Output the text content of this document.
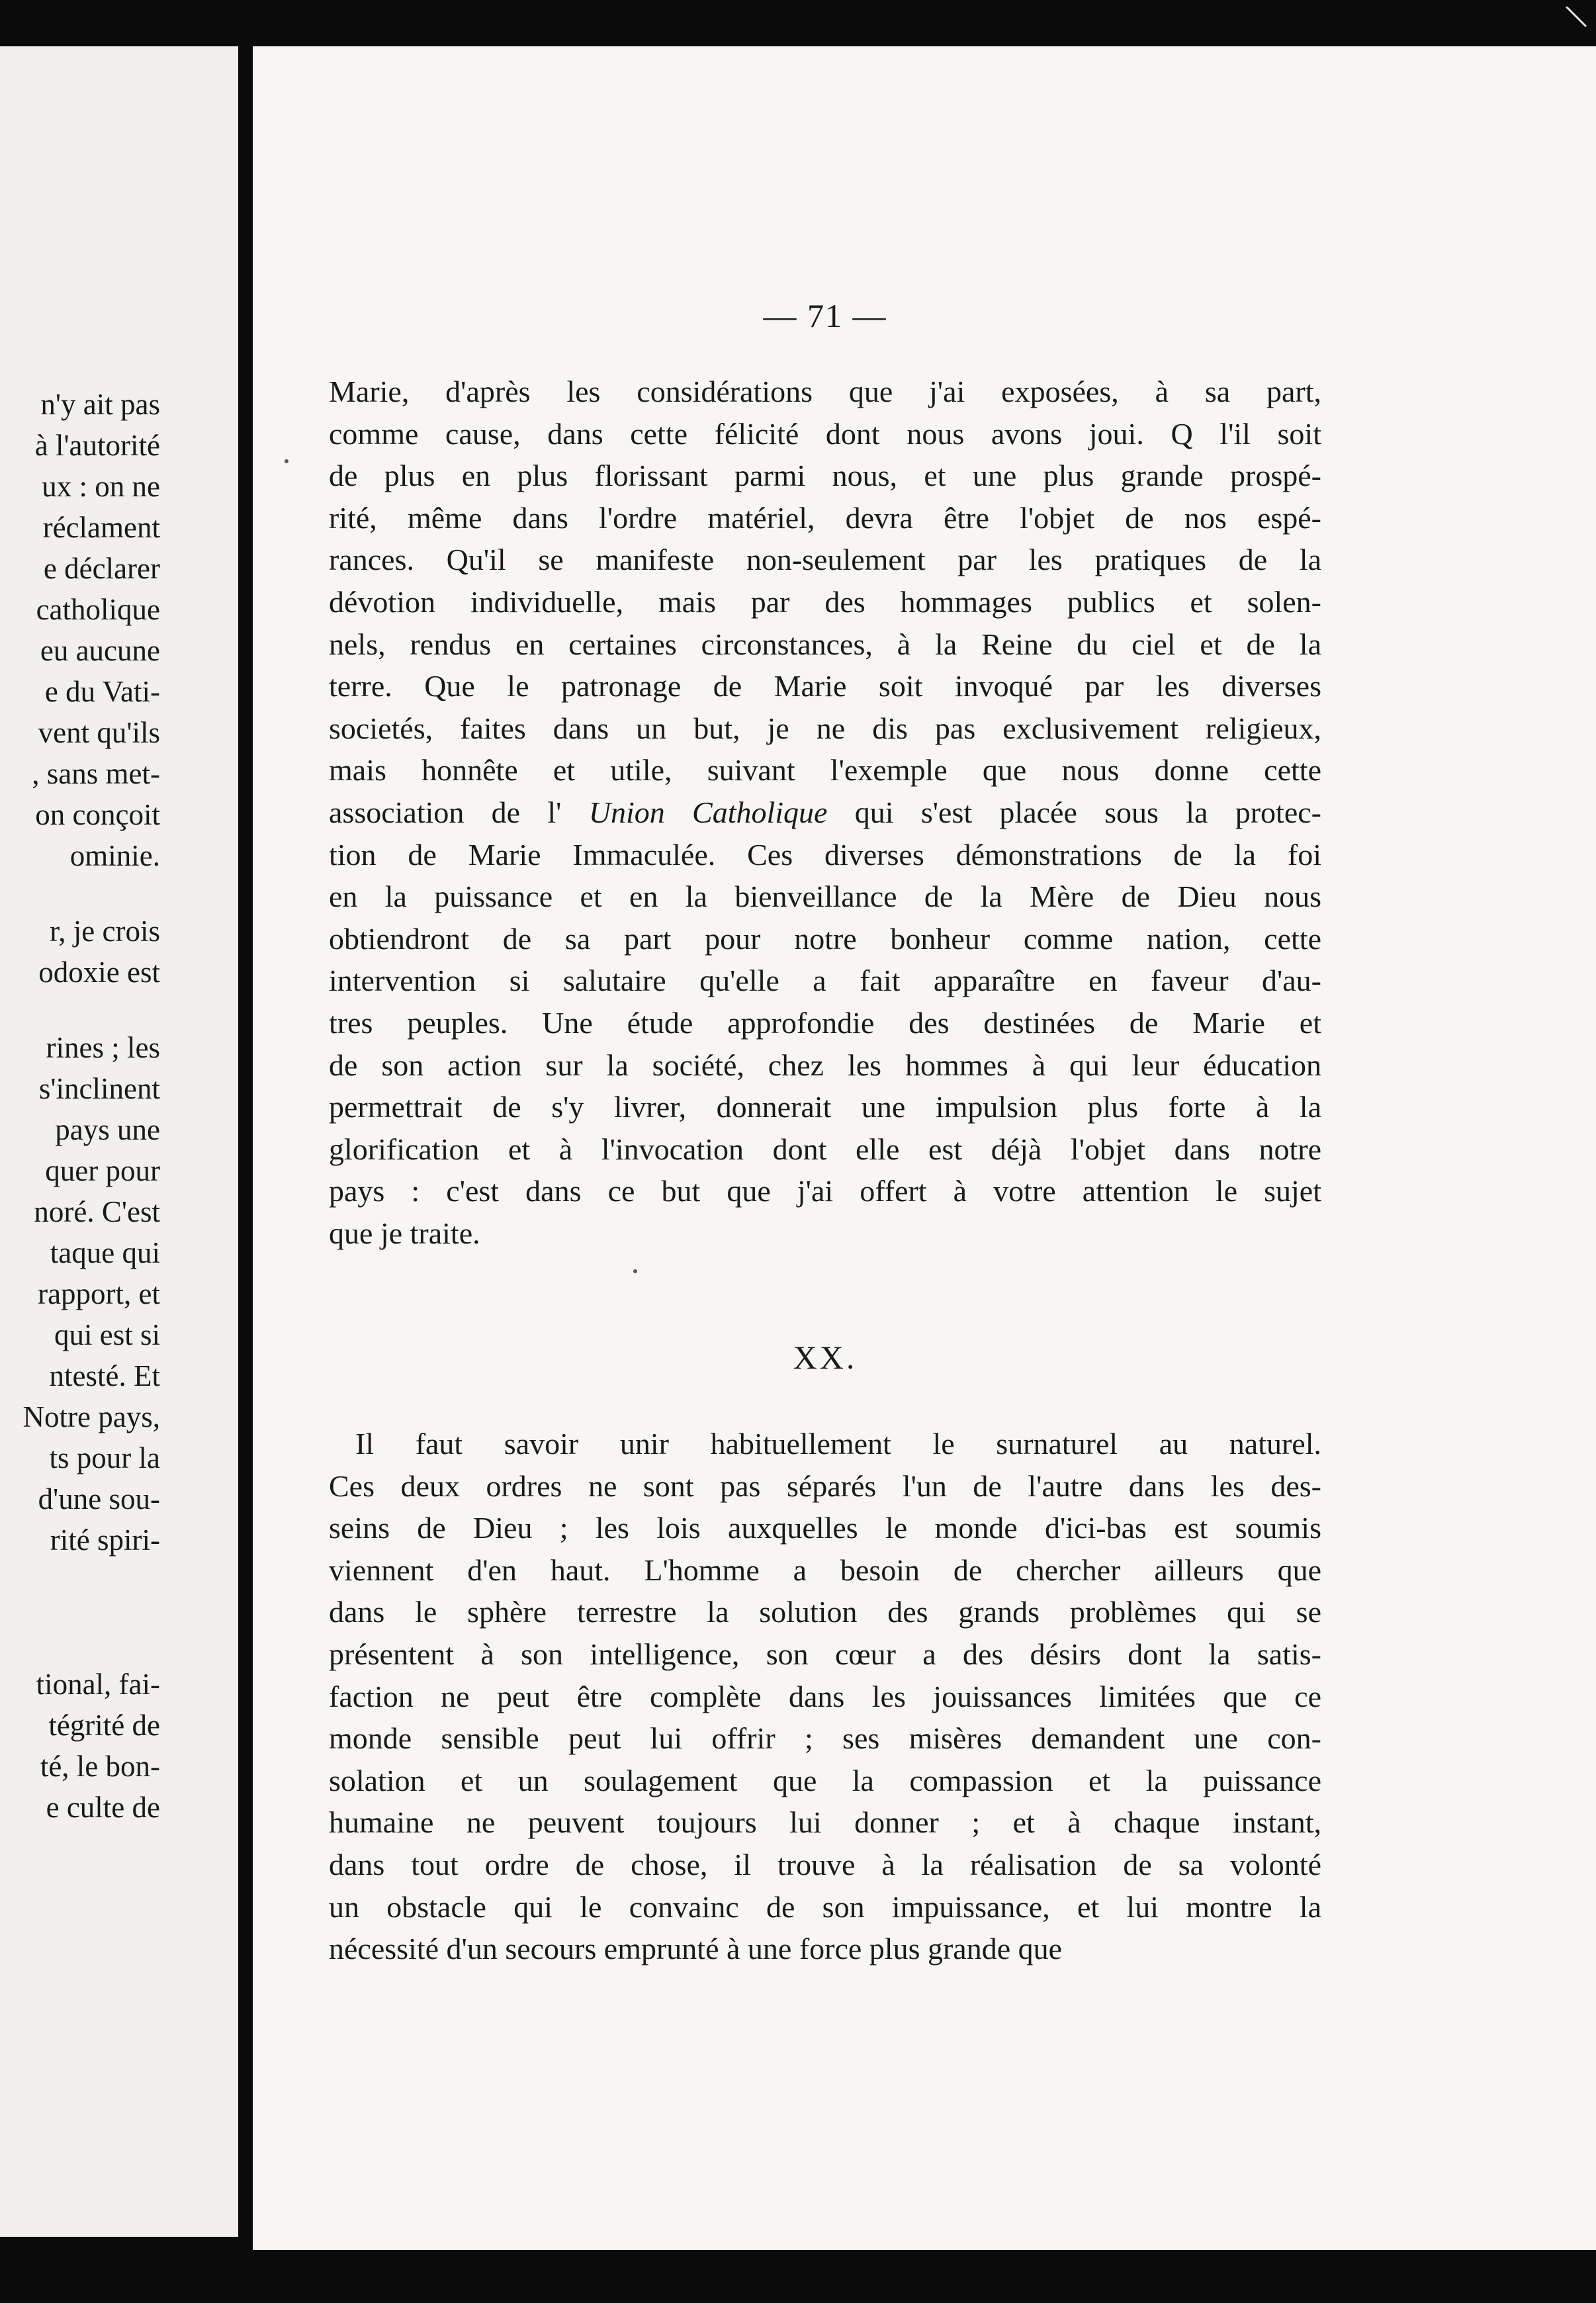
n'y ait pas
à l'autorité
ux : on ne
réclament
e déclarer
catholique
eu aucune
e du Vati-
vent qu'ils
, sans met-
on conçoit
ominie.
r, je crois
odoxie est
rines ; les
s'inclinent
pays une
quer pour
noré. C'est
taque qui
rapport, et
qui est si
ntesté. Et
Notre pays,
ts pour la
d'une sou-
rité spiri-
tional, fai-
tégrité de
té, le bon-
e culte de
— 71 —
Marie, d'après les considérations que j'ai exposées, à sa part,
comme cause, dans cette félicité dont nous avons joui. Q l'il soit
de plus en plus florissant parmi nous, et une plus grande prospé-
rité, même dans l'ordre matériel, devra être l'objet de nos espé-
rances. Qu'il se manifeste non-seulement par les pratiques de la
dévotion individuelle, mais par des hommages publics et solen-
nels, rendus en certaines circonstances, à la Reine du ciel et de la
terre. Que le patronage de Marie soit invoqué par les diverses
societés, faites dans un but, je ne dis pas exclusivement religieux,
mais honnête et utile, suivant l'exemple que nous donne cette
association de l' Union Catholique qui s'est placée sous la protec-
tion de Marie Immaculée. Ces diverses démonstrations de la foi
en la puissance et en la bienveillance de la Mère de Dieu nous
obtiendront de sa part pour notre bonheur comme nation, cette
intervention si salutaire qu'elle a fait apparaître en faveur d'au-
tres peuples. Une étude approfondie des destinées de Marie et
de son action sur la société, chez les hommes à qui leur éducation
permettrait de s'y livrer, donnerait une impulsion plus forte à la
glorification et à l'invocation dont elle est déjà l'objet dans notre
pays : c'est dans ce but que j'ai offert à votre attention le sujet
que je traite.
XX.
Il faut savoir unir habituellement le surnaturel au naturel.
Ces deux ordres ne sont pas séparés l'un de l'autre dans les des-
seins de Dieu ; les lois auxquelles le monde d'ici-bas est soumis
viennent d'en haut. L'homme a besoin de chercher ailleurs que
dans le sphère terrestre la solution des grands problèmes qui se
présentent à son intelligence, son cœur a des désirs dont la satis-
faction ne peut être complète dans les jouissances limitées que ce
monde sensible peut lui offrir ; ses misères demandent une con-
solation et un soulagement que la compassion et la puissance
humaine ne peuvent toujours lui donner ; et à chaque instant,
dans tout ordre de chose, il trouve à la réalisation de sa volonté
un obstacle qui le convainc de son impuissance, et lui montre la
nécessité d'un secours emprunté à une force plus grande que
